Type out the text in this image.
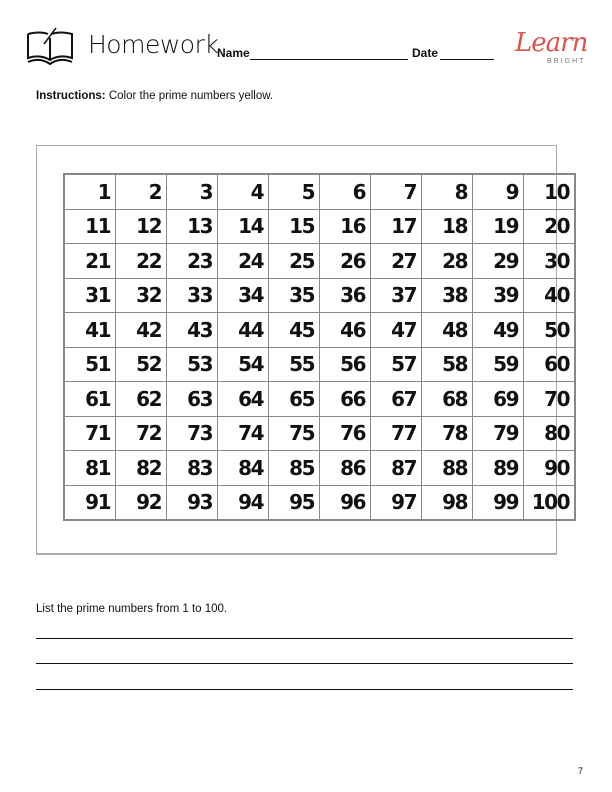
Homework
Name	Date	Learn
BRIGHT
Instructions: Color the prime numbers yellow.
1	2	3	4	5	6	7	8	9	10
11	12	13	14	15	16	17	18	19	20
21	22	23	24	25	26	27	28	29	30
31	32	33	34	35	36	37	38	39	40
41	42	43	44	45	46	47	48	49	50
51	52	53	54	55	56	57	58	59	60
61	62	63	64	65	66	67	68	69	70
71	72	73	74	75	76	77	78	79	80
81	82	83	84	85	86	87	88	89	90
91	92	93	94	95	96	97	98	99	100
List the prime numbers from 1 to 100.
7
